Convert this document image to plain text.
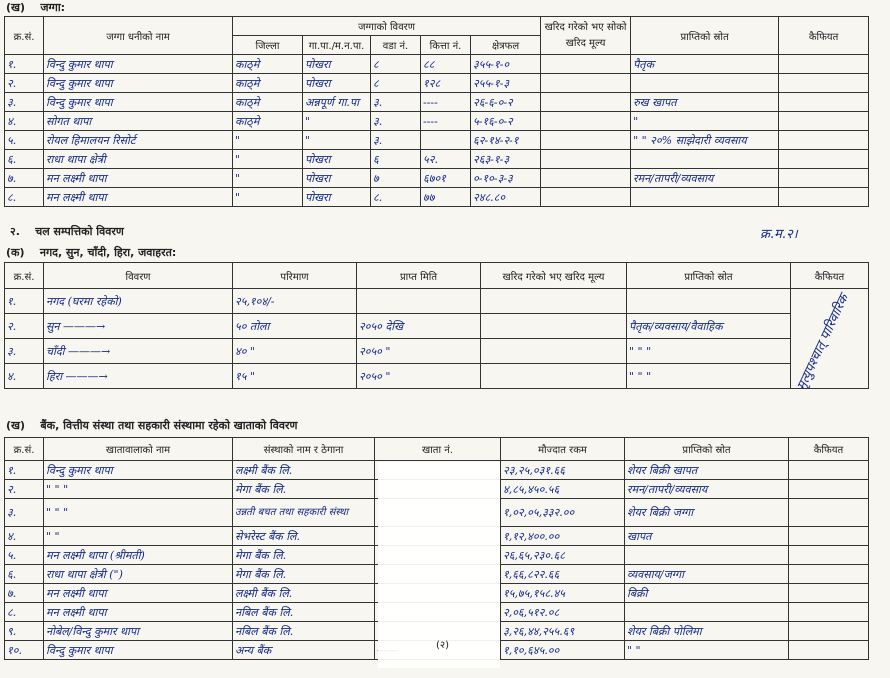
(ख) जग्गा:
क्र.सं.	जग्गा धनीको नाम	जग्गाको विवरण					खरिद गरेको भए सोको खरिद मूल्य	प्राप्तिको स्रोत	कैफियत
		जिल्ला	गा.पा./म.न.पा.	वडा नं.	कित्ता नं.	क्षेत्रफल			
१.	विन्दु कुमार थापा	काठ्मे	पोखरा	८	८८	३५५-१-०		पैतृक	
२.	विन्दु कुमार थापा	काठ्मे	पोखरा	८	१२८	२५५-१-३			
३.	विन्दु कुमार थापा	काठ्मे	अन्नपूर्ण गा.पा	३.	----	२६-६-०-२		रुख खापत	
४.	सोगत थापा	काठ्मे	"	३.	----	५-१६-०-२		"	
५.	रोयल हिमालयन रिसोर्ट	"	"	३.		६२-१४-२-१		" " २०% साझेदारी व्यवसाय	
६.	राधा थापा क्षेत्री	"	पोखरा	६	५२.	२६३-१-३			
७.	मन लक्ष्मी थापा	"	पोखरा	७	६७०१	०-१०-३-३		रमन/तापरी/व्यवसाय	
८.	मन लक्ष्मी थापा	"	पोखरा	८.	७७	२४८.८०			
२. चल सम्पत्तिको विवरण	क्र.म.२।
(क) नगद, सुन, चाँदी, हिरा, जवाहरत:
क्र.सं.	विवरण	परिमाण	प्राप्त मिति	खरिद गरेको भए खरिद मूल्य	प्राप्तिको स्रोत	कैफियत
१.	नगद (घरमा रहेको)	२५,१०४/-				
२.	सुन ———→	५० तोला	२०५० देखि		पैतृक/व्यवसाय/वैवाहिक	
३.	चाँदी ———→	४० "	२०५० "		" " "	
४.	हिरा ———→	१५ "	२०५० "		" " "		मृत्युपश्चात् पारिवारिक
(ख) बैंक, वित्तीय संस्था तथा सहकारी संस्थामा रहेको खाताको विवरण
क्र.सं.	खातावालाको नाम	संस्थाको नाम र ठेगाना	खाता नं.	मौज्दात रकम	प्राप्तिको स्रोत	कैफियत
१.	विन्दु कुमार थापा	लक्ष्मी बैंक लि.		२३,२५,०३१.६६	शेयर बिक्री खापत	
२.	" " "	मेगा बैंक लि.		४,८५,४५०.५६	रमन/तापरी/व्यवसाय	
३.	" " "	उन्नती बचत तथा सहकारी संस्था		१,०२,०५,३३२.००	शेयर बिक्री जग्गा	
४.	" "	सेभरेस्ट बैंक लि.		१,१२,४००.००	खापत	
५.	मन लक्ष्मी थापा (श्रीमती)	मेगा बैंक लि.		२६,६५,२३०.६८		
६.	राधा थापा क्षेत्री (")	मेगा बैंक लि.		१,६६,८२२.६६	व्यवसाय/जग्गा	
७.	मन लक्ष्मी थापा	लक्ष्मी बैंक लि.		१५,७५,१५८.४५	बिक्री	
८.	मन लक्ष्मी थापा	नबिल बैंक लि.		२,०६,५१२.०८		
९.	नोबेल/विन्दु कुमार थापा	नबिल बैंक लि.		३,२६,४४,२५५.६९	शेयर बिक्री पोलिमा	
१०.	विन्दु कुमार थापा	अन्य बैंक		१,१०,६४५.००	" "	
(२)
